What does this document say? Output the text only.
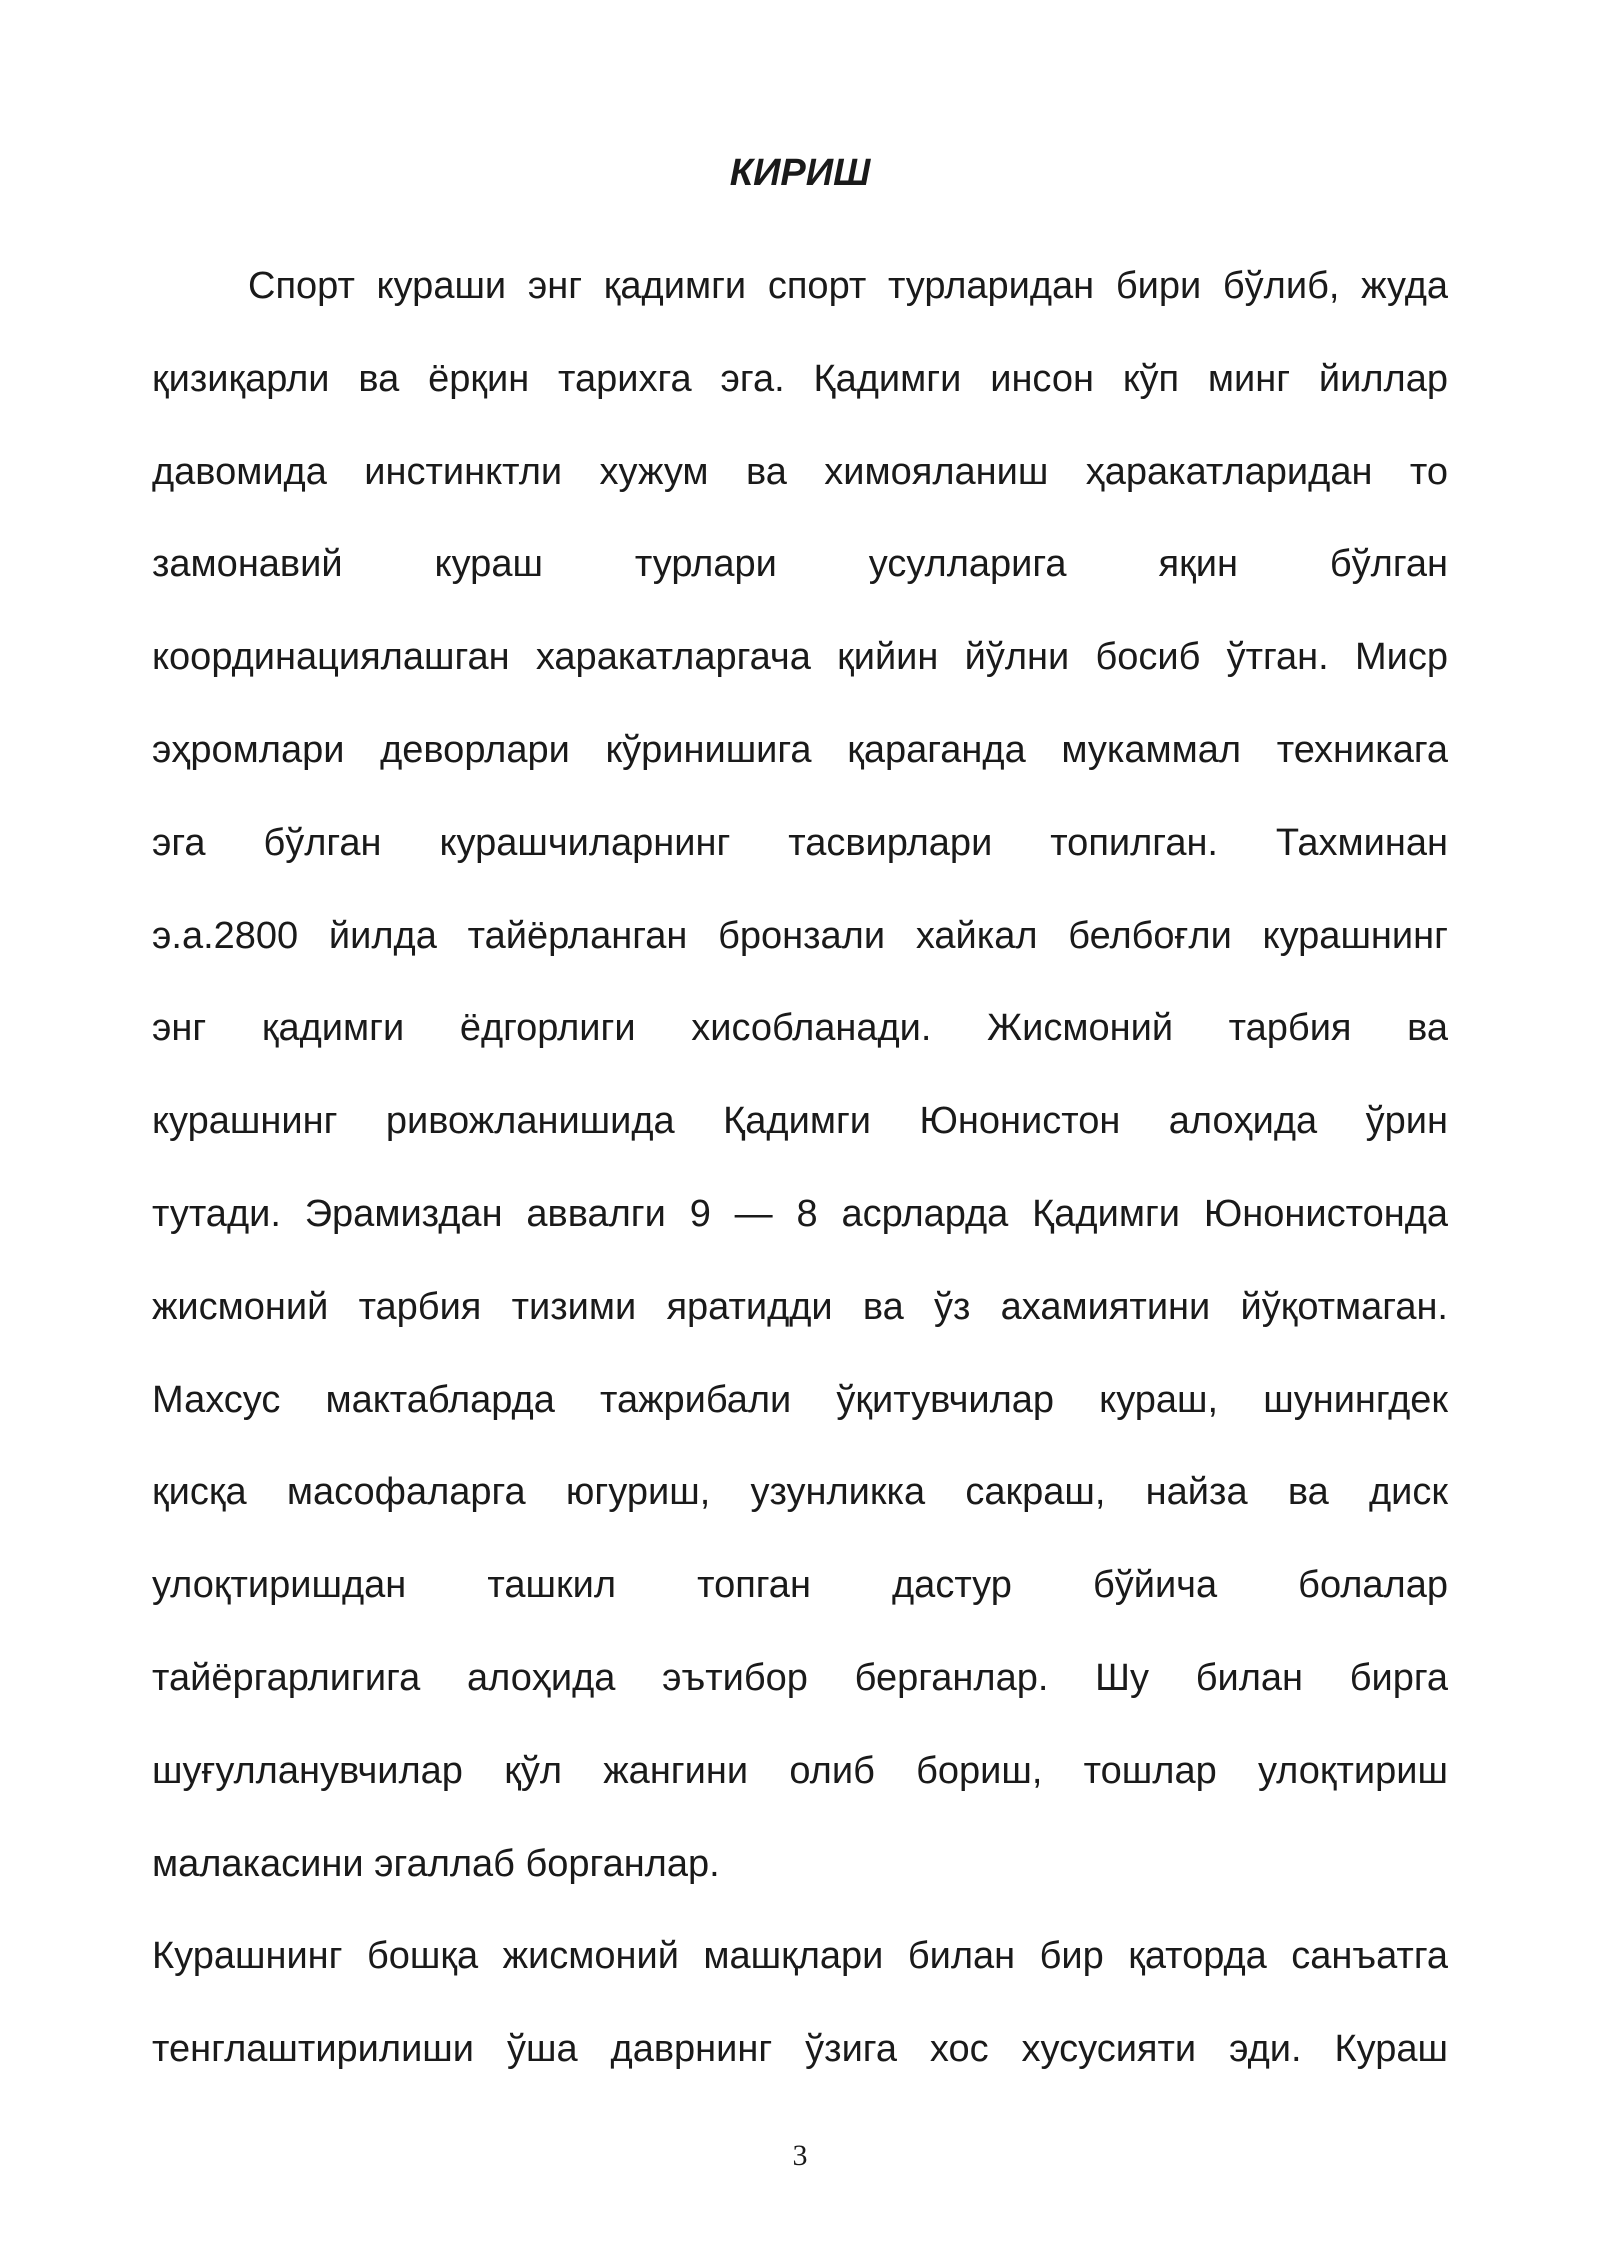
КИРИШ
Спорт кураши энг қадимги спорт турларидан бири бўлиб, жуда
қизиқарли ва ёрқин тарихга эга. Қадимги инсон кўп минг йиллар
давомида инстинктли хужум ва химояланиш ҳаракатларидан то
замонавий кураш турлари усулларига яқин бўлган
координациялашган харакатларгача қийин йўлни босиб ўтган. Миср
эҳромлари деворлари кўринишига қараганда мукаммал техникага
эга бўлган курашчиларнинг тасвирлари топилган. Тахминан
э.а.2800 йилда тайёрланган бронзали хайкал белбоғли курашнинг
энг қадимги ёдгорлиги хисобланади. Жисмоний тарбия ва
курашнинг ривожланишида Қадимги Юнонистон алоҳида ўрин
тутади. Эрамиздан аввалги 9 — 8 асрларда Қадимги Юнонистонда
жисмоний тарбия тизими яратидди ва ўз ахамиятини йўқотмаган.
Махсус мактабларда тажрибали ўқитувчилар кураш, шунингдек
қисқа масофаларга югуриш, узунликка сакраш, найза ва диск
улоқтиришдан ташкил топган дастур бўйича болалар
тайёргарлигига алоҳида эътибор берганлар. Шу билан бирга
шуғулланувчилар қўл жангини олиб бориш, тошлар улоқтириш
малакасини эгаллаб борганлар.
Курашнинг бошқа жисмоний машқлари билан бир қаторда санъатга
тенглаштирилиши ўша даврнинг ўзига хос хусусияти эди. Кураш
3
